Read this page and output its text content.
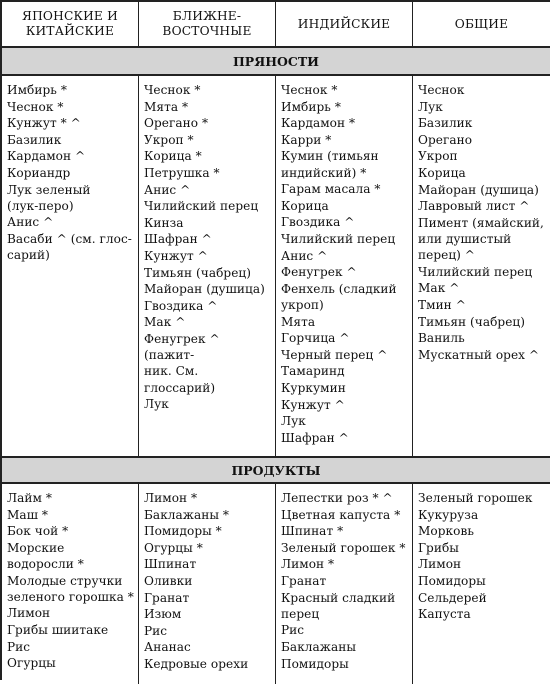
ЯПОНСКИЕ И
КИТАЙСКИЕ
БЛИЖНЕ-
ВОСТОЧНЫЕ
ИНДИЙСКИЕ	ОБЩИЕ
ПРЯНОСТИ
Имбирь *
Чеснок *
Кунжут * ^
Базилик
Кардамон ^
Кориандр
Лук зеленый
(лук-перо)
Анис ^
Васаби ^ (см. глос-
сарий)
Чеснок *
Мята *
Орегано *
Укроп *
Корица *
Петрушка *
Анис ^
Чилийский перец
Кинза
Шафран ^
Кунжут ^
Тимьян (чабрец)
Майоран (душица)
Гвоздика ^
Мак ^
Фенугрек ^ (пажит-
ник. См. глоссарий)
Лук
Чеснок *
Имбирь *
Кардамон *
Карри *
Кумин (тимьян
индийский) *
Гарам масала *
Корица
Гвоздика ^
Чилийский перец
Анис ^
Фенугрек ^
Фенхель (сладкий
укроп)
Мята
Горчица ^
Черный перец ^
Тамаринд
Куркумин
Кунжут ^
Лук
Шафран ^
Чеснок
Лук
Базилик
Орегано
Укроп
Корица
Майоран (душица)
Лавровый лист ^
Пимент (ямайский,
или душистый
перец) ^
Чилийский перец
Мак ^
Тмин ^
Тимьян (чабрец)
Ваниль
Мускатный орех ^
ПРОДУКТЫ
Лайм *
Маш *
Бок чой *
Морские
водоросли *
Молодые стручки
зеленого горошка *
Лимон
Грибы шиитаке
Рис
Огурцы
Лимон *
Баклажаны *
Помидоры *
Огурцы *
Шпинат
Оливки
Гранат
Изюм
Рис
Ананас
Кедровые орехи
Лепестки роз * ^
Цветная капуста *
Шпинат *
Зеленый горошек *
Лимон *
Гранат
Красный сладкий
перец
Рис
Баклажаны
Помидоры
Зеленый горошек
Кукуруза
Морковь
Грибы
Лимон
Помидоры
Сельдерей
Капуста
